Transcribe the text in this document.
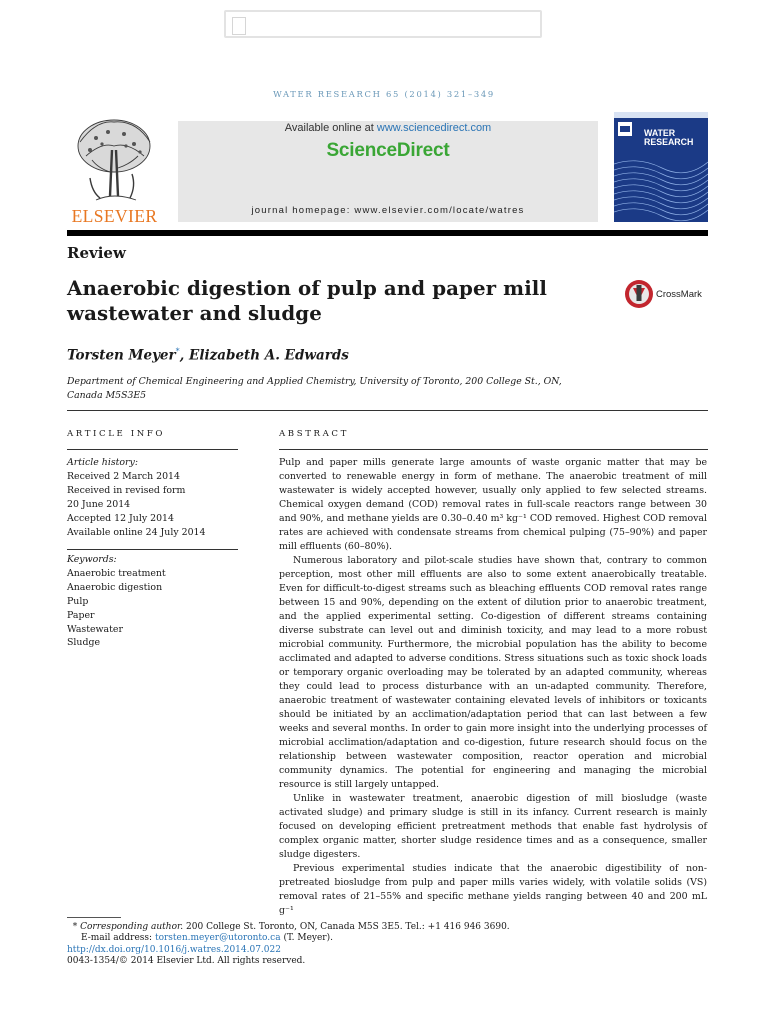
WATER RESEARCH 65 (2014) 321–349
ELSEVIER
Available online at www.sciencedirect.com
ScienceDirect
journal homepage: www.elsevier.com/locate/watres
WATER
RESEARCH
Review
Anaerobic digestion of pulp and paper mill wastewater and sludge
CrossMark
Torsten Meyer*, Elizabeth A. Edwards
Department of Chemical Engineering and Applied Chemistry, University of Toronto, 200 College St., ON, Canada M5S3E5
ARTICLE INFO	ABSTRACT
Article history:
Received 2 March 2014
Received in revised form
20 June 2014
Accepted 12 July 2014
Available online 24 July 2014
Keywords:
Anaerobic treatment
Anaerobic digestion
Pulp
Paper
Wastewater
Sludge

Pulp and paper mills generate large amounts of waste organic matter that may be converted to renewable energy in form of methane. The anaerobic treatment of mill wastewater is widely accepted however, usually only applied to few selected streams. Chemical oxygen demand (COD) removal rates in full-scale reactors range between 30 and 90%, and methane yields are 0.30–0.40 m³ kg⁻¹ COD removed. Highest COD removal rates are achieved with condensate streams from chemical pulping (75–90%) and paper mill effluents (60–80%).

Numerous laboratory and pilot-scale studies have shown that, contrary to common perception, most other mill effluents are also to some extent anaerobically treatable. Even for difficult-to-digest streams such as bleaching effluents COD removal rates range between 15 and 90%, depending on the extent of dilution prior to anaerobic treatment, and the applied experimental setting. Co-digestion of different streams containing diverse substrate can level out and diminish toxicity, and may lead to a more robust microbial community. Furthermore, the microbial population has the ability to become acclimated and adapted to adverse conditions. Stress situations such as toxic shock loads or temporary organic overloading may be tolerated by an adapted community, whereas they could lead to process disturbance with an un-adapted community. Therefore, anaerobic treatment of wastewater containing elevated levels of inhibitors or toxicants should be initiated by an acclimation/adaptation period that can last between a few weeks and several months. In order to gain more insight into the underlying processes of microbial acclimation/adaptation and co-digestion, future research should focus on the relationship between wastewater composition, reactor operation and microbial community dynamics. The potential for engineering and managing the microbial resource is still largely untapped.

Unlike in wastewater treatment, anaerobic digestion of mill biosludge (waste activated sludge) and primary sludge is still in its infancy. Current research is mainly focused on developing efficient pretreatment methods that enable fast hydrolysis of complex organic matter, shorter sludge residence times and as a consequence, smaller sludge digesters.

Previous experimental studies indicate that the anaerobic digestibility of non-pretreated biosludge from pulp and paper mills varies widely, with volatile solids (VS) removal rates of 21–55% and specific methane yields ranging between 40 and 200 mL g⁻¹

* Corresponding author. 200 College St. Toronto, ON, Canada M5S 3E5. Tel.: +1 416 946 3690.
E-mail address: torsten.meyer@utoronto.ca (T. Meyer).
http://dx.doi.org/10.1016/j.watres.2014.07.022
0043-1354/© 2014 Elsevier Ltd. All rights reserved.
